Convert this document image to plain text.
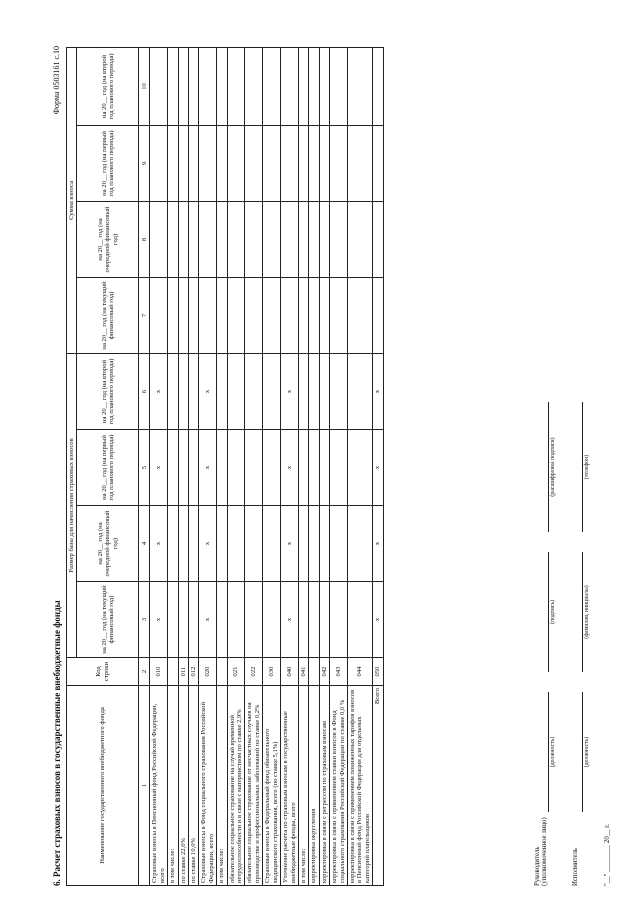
6. Расчет страховых взносов в государственные внебюджетные фонды
Форма 0503161 с.10
Наименование государственного внебюджетного фонда	Код строки	Размер базы для начисления страховых взносов				Сумма взноса			
		на 20__ год (на текущий финансовый год)	на 20__ год (на очередной финансовый год)	на 20__ год (на первый год планового периода)	на 20__ год (на второй год планового периода)	на 20__ год (на текущий финансовый год)	на 20__ год (на очередной финансовый год)	на 20__ год (на первый год планового периода)	на 20__ год (на второй год планового периода)
1	2	3	4	5	6	7	8	9	10
Страховые взносы в Пенсионный фонд Российской Федерации, всего	010	x	x	x	x				
в том числе:									
по ставке 22,0%	011								
по ставке 10,0%	012								
Страховые взносы в Фонд социального страхования Российской Федерации, всего	020	x	x	x	x				
в том числе:									
обязательное социальное страхование на случай временной нетрудоспособности и в связи с материнством по ставке 2,9%	021								
обязательное социальное страхование от несчастных случаев на производстве и профессиональных заболеваний по ставке 0,2%	022								
Страховые взносы в Федеральный фонд обязательного медицинского страхования, всего (по ставке 5,1%)	030								
Уточнение расчета по страховым взносам в государственные внебюджетные фонды, всего	040	x	x	x	x				
в том числе:	041								
корректировка округления									
корректировка в связи с регрессом по страховым взносам	042								
корректировка в связи с применением ставки взносов в Фонд социального страхования Российской Федерации по ставке 0,0 %	043								
корректировка в связи с применением пониженных тарифов взносов в Пенсионный фонд Российской Федерации для отдельных категорий плательщиков	044								
Всего	050	x	x	x	x				
Руководитель (уполномоченное лицо)
(должность)
(подпись)
(расшифровка подписи)
Исполнитель
(должность)
(фамилия, инициалы)
(телефон)
"__" ________ 20__ г.
